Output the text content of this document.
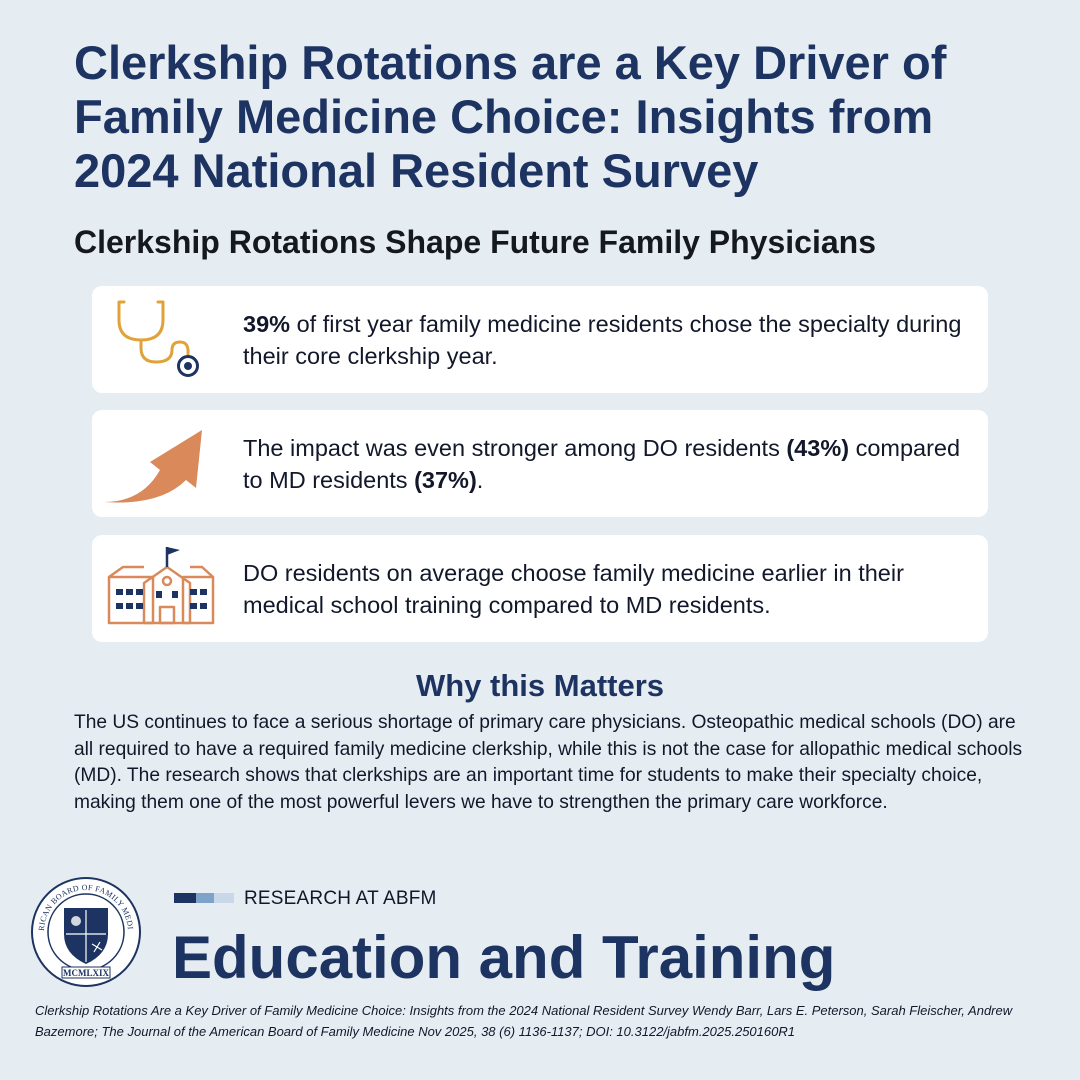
Clerkship Rotations are a Key Driver of Family Medicine Choice: Insights from 2024 National Resident Survey
Clerkship Rotations Shape Future Family Physicians

39% of first year family medicine residents chose the specialty during their core clerkship year.

The impact was even stronger among DO residents (43%) compared to MD residents (37%).

DO residents on average choose family medicine earlier in their medical school training compared to MD residents.

Why this Matters

The US continues to face a serious shortage of primary care physicians. Osteopathic medical schools (DO) are all required to have a required family medicine clerkship, while this is not the case for allopathic medical schools (MD). The research shows that clerkships are an important time for students to make their specialty choice, making them one of the most powerful levers we have to strengthen the primary care workforce.

RICAN BOARD OF FAMILY MEDI
MCMLXIX
RESEARCH AT ABFM
Education and Training

Clerkship Rotations Are a Key Driver of Family Medicine Choice: Insights from the 2024 National Resident Survey Wendy Barr, Lars E. Peterson, Sarah Fleischer, Andrew Bazemore; The Journal of the American Board of Family Medicine Nov 2025, 38 (6) 1136-1137; DOI: 10.3122/jabfm.2025.250160R1
